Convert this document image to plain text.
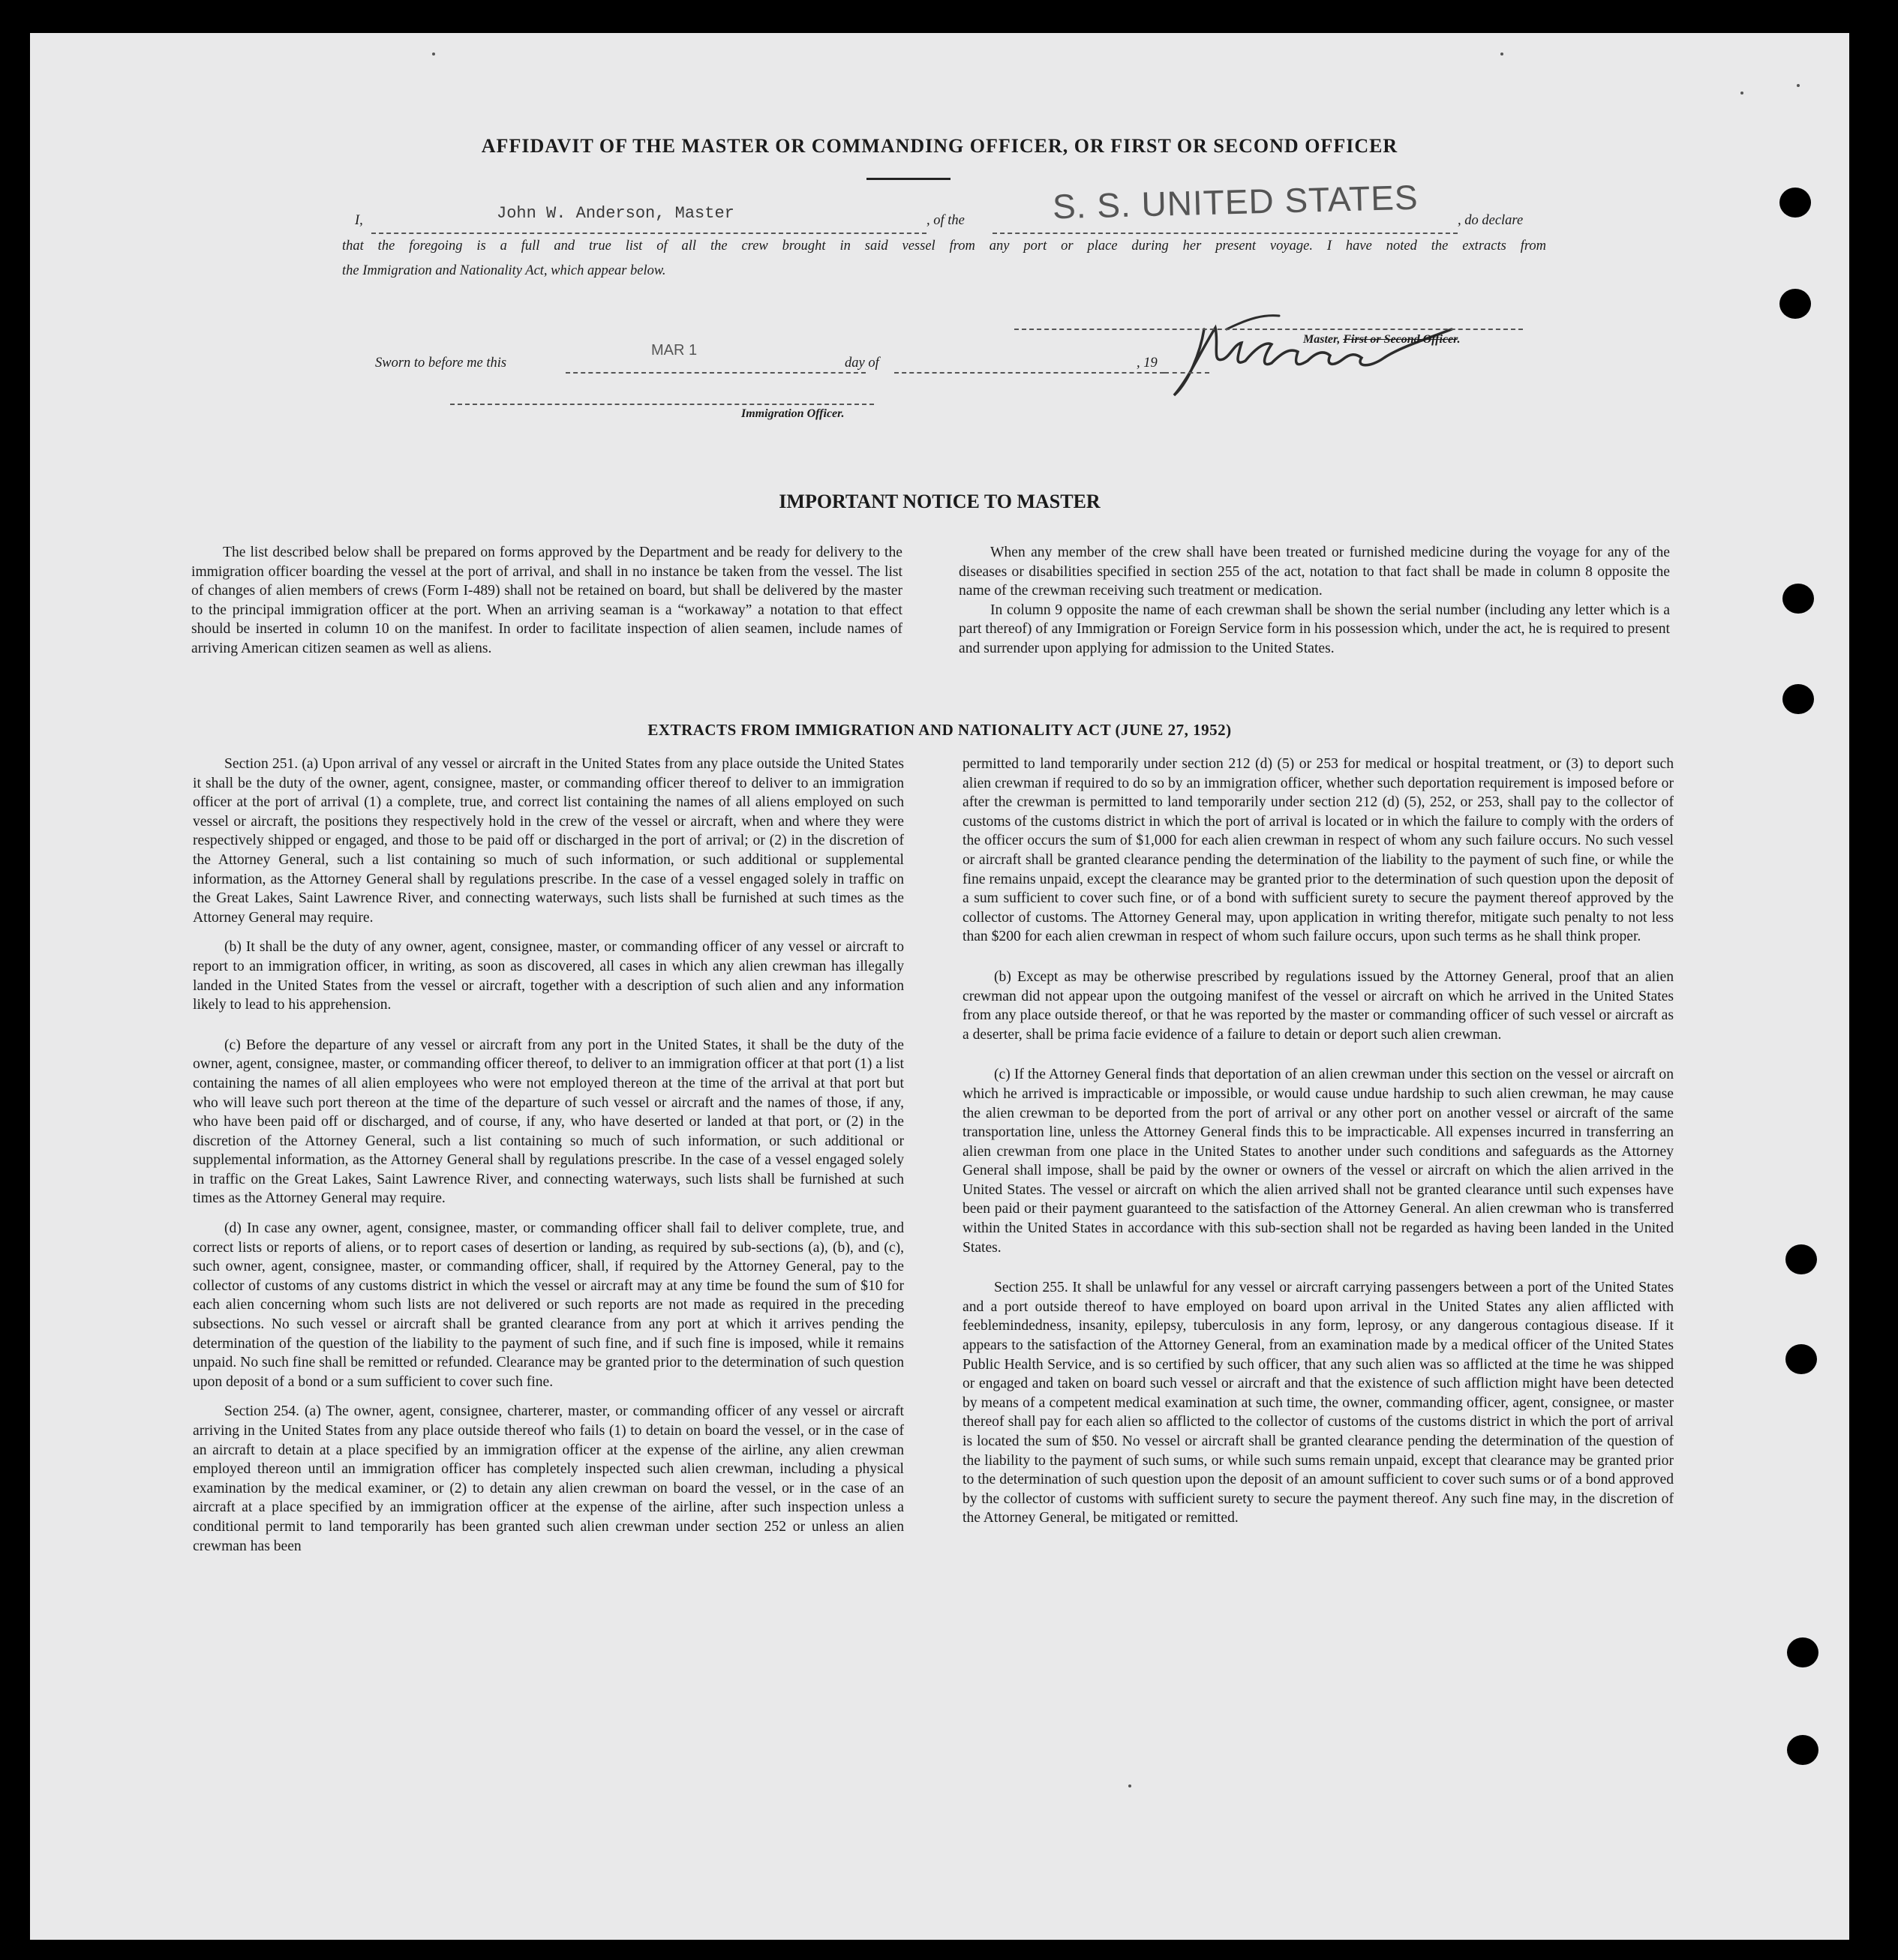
AFFIDAVIT OF THE MASTER OR COMMANDING OFFICER, OR FIRST OR SECOND OFFICER
I,	John W. Anderson, Master	, of the	S. S. UNITED STATES	, do declare
that the foregoing is a full and true list of all the crew brought in said vessel from any port or place during her present voyage. I have noted the extracts from
the Immigration and Nationality Act, which appear below.
Master, First or Second Officer.
Sworn to before me this
MAR 1
day of	, 19
Immigration Officer.
IMPORTANT NOTICE TO MASTER

The list described below shall be prepared on forms approved by the Department and be ready for delivery to the immigration officer boarding the vessel at the port of arrival, and shall in no instance be taken from the vessel. The list of changes of alien members of crews (Form I-489) shall not be retained on board, but shall be delivered by the master to the principal immigration officer at the port. When an arriving seaman is a “workaway” a notation to that effect should be inserted in column 10 on the manifest. In order to facilitate inspection of alien seamen, include names of arriving American citizen seamen as well as aliens.

When any member of the crew shall have been treated or furnished medicine during the voyage for any of the diseases or disabilities specified in section 255 of the act, notation to that fact shall be made in column 8 opposite the name of the crewman receiving such treatment or medication.

In column 9 opposite the name of each crewman shall be shown the serial number (including any letter which is a part thereof) of any Immigration or Foreign Service form in his possession which, under the act, he is required to present and surrender upon applying for admission to the United States.

EXTRACTS FROM IMMIGRATION AND NATIONALITY ACT (JUNE 27, 1952)

Section 251. (a) Upon arrival of any vessel or aircraft in the United States from any place outside the United States it shall be the duty of the owner, agent, consignee, master, or commanding officer thereof to deliver to an immigration officer at the port of arrival (1) a complete, true, and correct list containing the names of all aliens employed on such vessel or aircraft, the positions they respectively hold in the crew of the vessel or aircraft, when and where they were respectively shipped or engaged, and those to be paid off or discharged in the port of arrival; or (2) in the discretion of the Attorney General, such a list containing so much of such information, or such additional or supplemental information, as the Attorney General shall by regulations prescribe. In the case of a vessel engaged solely in traffic on the Great Lakes, Saint Lawrence River, and connecting waterways, such lists shall be furnished at such times as the Attorney General may require.

(b) It shall be the duty of any owner, agent, consignee, master, or commanding officer of any vessel or aircraft to report to an immigration officer, in writing, as soon as discovered, all cases in which any alien crewman has illegally landed in the United States from the vessel or aircraft, together with a description of such alien and any information likely to lead to his apprehension.

(c) Before the departure of any vessel or aircraft from any port in the United States, it shall be the duty of the owner, agent, consignee, master, or commanding officer thereof, to deliver to an immigration officer at that port (1) a list containing the names of all alien employees who were not employed thereon at the time of the arrival at that port but who will leave such port thereon at the time of the departure of such vessel or aircraft and the names of those, if any, who have been paid off or discharged, and of course, if any, who have deserted or landed at that port, or (2) in the discretion of the Attorney General, such a list containing so much of such information, or such additional or supplemental information, as the Attorney General shall by regulations prescribe. In the case of a vessel engaged solely in traffic on the Great Lakes, Saint Lawrence River, and connecting waterways, such lists shall be furnished at such times as the Attorney General may require.

(d) In case any owner, agent, consignee, master, or commanding officer shall fail to deliver complete, true, and correct lists or reports of aliens, or to report cases of desertion or landing, as required by sub-sections (a), (b), and (c), such owner, agent, consignee, master, or commanding officer, shall, if required by the Attorney General, pay to the collector of customs of any customs district in which the vessel or aircraft may at any time be found the sum of $10 for each alien concerning whom such lists are not delivered or such reports are not made as required in the preceding subsections. No such vessel or aircraft shall be granted clearance from any port at which it arrives pending the determination of the question of the liability to the payment of such fine, and if such fine is imposed, while it remains unpaid. No such fine shall be remitted or refunded. Clearance may be granted prior to the determination of such question upon deposit of a bond or a sum sufficient to cover such fine.

Section 254. (a) The owner, agent, consignee, charterer, master, or commanding officer of any vessel or aircraft arriving in the United States from any place outside thereof who fails (1) to detain on board the vessel, or in the case of an aircraft to detain at a place specified by an immigration officer at the expense of the airline, any alien crewman employed thereon until an immigration officer has completely inspected such alien crewman, including a physical examination by the medical examiner, or (2) to detain any alien crewman on board the vessel, or in the case of an aircraft at a place specified by an immigration officer at the expense of the airline, after such inspection unless a conditional permit to land temporarily has been granted such alien crewman under section 252 or unless an alien crewman has been

permitted to land temporarily under section 212 (d) (5) or 253 for medical or hospital treatment, or (3) to deport such alien crewman if required to do so by an immigration officer, whether such deportation requirement is imposed before or after the crewman is permitted to land temporarily under section 212 (d) (5), 252, or 253, shall pay to the collector of customs of the customs district in which the port of arrival is located or in which the failure to comply with the orders of the officer occurs the sum of $1,000 for each alien crewman in respect of whom any such failure occurs. No such vessel or aircraft shall be granted clearance pending the determination of the liability to the payment of such fine, or while the fine remains unpaid, except the clearance may be granted prior to the determination of such question upon the deposit of a sum sufficient to cover such fine, or of a bond with sufficient surety to secure the payment thereof approved by the collector of customs. The Attorney General may, upon application in writing therefor, mitigate such penalty to not less than $200 for each alien crewman in respect of whom such failure occurs, upon such terms as he shall think proper.

(b) Except as may be otherwise prescribed by regulations issued by the Attorney General, proof that an alien crewman did not appear upon the outgoing manifest of the vessel or aircraft on which he arrived in the United States from any place outside thereof, or that he was reported by the master or commanding officer of such vessel or aircraft as a deserter, shall be prima facie evidence of a failure to detain or deport such alien crewman.

(c) If the Attorney General finds that deportation of an alien crewman under this section on the vessel or aircraft on which he arrived is impracticable or impossible, or would cause undue hardship to such alien crewman, he may cause the alien crewman to be deported from the port of arrival or any other port on another vessel or aircraft of the same transportation line, unless the Attorney General finds this to be impracticable. All expenses incurred in transferring an alien crewman from one place in the United States to another under such conditions and safeguards as the Attorney General shall impose, shall be paid by the owner or owners of the vessel or aircraft on which the alien arrived in the United States. The vessel or aircraft on which the alien arrived shall not be granted clearance until such expenses have been paid or their payment guaranteed to the satisfaction of the Attorney General. An alien crewman who is transferred within the United States in accordance with this sub-section shall not be regarded as having been landed in the United States.

Section 255. It shall be unlawful for any vessel or aircraft carrying passengers between a port of the United States and a port outside thereof to have employed on board upon arrival in the United States any alien afflicted with feeblemindedness, insanity, epilepsy, tuberculosis in any form, leprosy, or any dangerous contagious disease. If it appears to the satisfaction of the Attorney General, from an examination made by a medical officer of the United States Public Health Service, and is so certified by such officer, that any such alien was so afflicted at the time he was shipped or engaged and taken on board such vessel or aircraft and that the existence of such affliction might have been detected by means of a competent medical examination at such time, the owner, commanding officer, agent, consignee, or master thereof shall pay for each alien so afflicted to the collector of customs of the customs district in which the port of arrival is located the sum of $50. No vessel or aircraft shall be granted clearance pending the determination of the question of the liability to the payment of such sums, or while such sums remain unpaid, except that clearance may be granted prior to the determination of such question upon the deposit of an amount sufficient to cover such sums or of a bond approved by the collector of customs with sufficient surety to secure the payment thereof. Any such fine may, in the discretion of the Attorney General, be mitigated or remitted.
